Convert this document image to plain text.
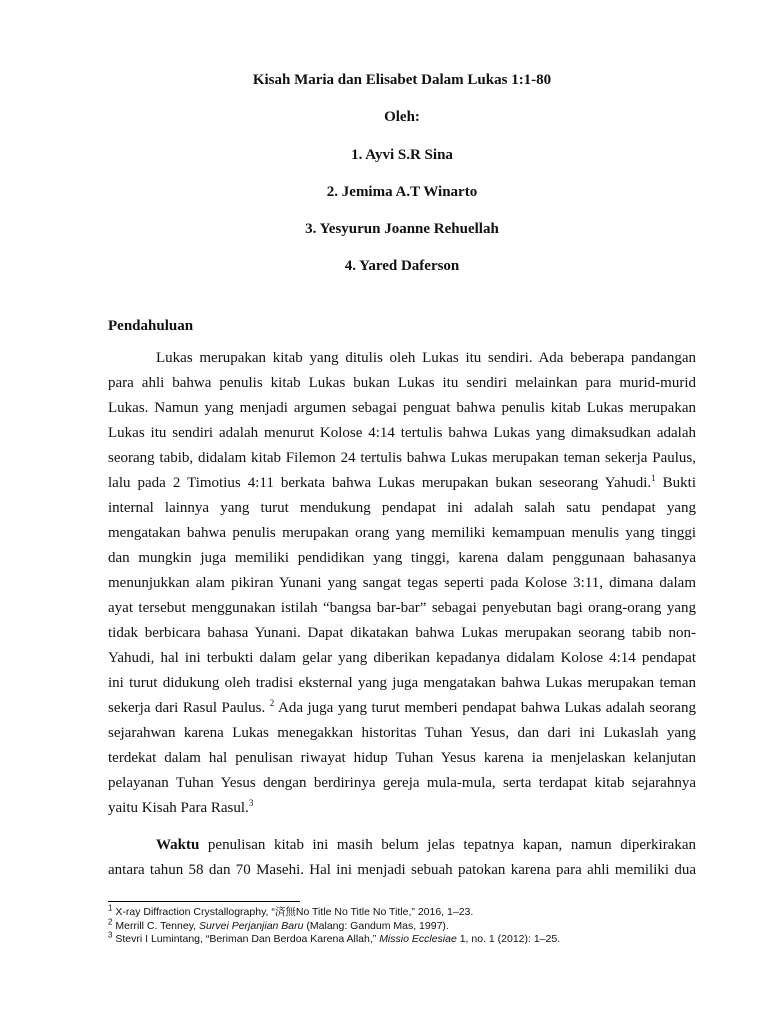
Kisah Maria dan Elisabet Dalam Lukas 1:1-80
Oleh:
1. Ayvi S.R Sina
2. Jemima A.T Winarto
3. Yesyurun Joanne Rehuellah
4. Yared Daferson
Pendahuluan
Lukas merupakan kitab yang ditulis oleh Lukas itu sendiri. Ada beberapa pandangan
para ahli bahwa penulis kitab Lukas bukan Lukas itu sendiri melainkan para murid-murid
Lukas. Namun yang menjadi argumen sebagai penguat bahwa penulis kitab Lukas merupakan
Lukas itu sendiri adalah menurut Kolose 4:14 tertulis bahwa Lukas yang dimaksudkan adalah
seorang tabib, didalam kitab Filemon 24 tertulis bahwa Lukas merupakan teman sekerja Paulus,
lalu pada 2 Timotius 4:11 berkata bahwa Lukas merupakan bukan seseorang Yahudi.$^1$ Bukti
internal lainnya yang turut mendukung pendapat ini adalah salah satu pendapat yang
mengatakan bahwa penulis merupakan orang yang memiliki kemampuan menulis yang tinggi
dan mungkin juga memiliki pendidikan yang tinggi, karena dalam penggunaan bahasanya
menunjukkan alam pikiran Yunani yang sangat tegas seperti pada Kolose 3:11, dimana dalam
ayat tersebut menggunakan istilah “bangsa bar-bar” sebagai penyebutan bagi orang-orang yang
tidak berbicara bahasa Yunani. Dapat dikatakan bahwa Lukas merupakan seorang tabib non-
Yahudi, hal ini terbukti dalam gelar yang diberikan kepadanya didalam Kolose 4:14 pendapat
ini turut didukung oleh tradisi eksternal yang juga mengatakan bahwa Lukas merupakan teman
sekerja dari Rasul Paulus. $^2$ Ada juga yang turut memberi pendapat bahwa Lukas adalah seorang
sejarahwan karena Lukas menegakkan historitas Tuhan Yesus, dan dari ini Lukaslah yang
terdekat dalam hal penulisan riwayat hidup Tuhan Yesus karena ia menjelaskan kelanjutan
pelayanan Tuhan Yesus dengan berdirinya gereja mula-mula, serta terdapat kitab sejarahnya
yaitu Kisah Para Rasul.$^3$
Waktu penulisan kitab ini masih belum jelas tepatnya kapan, namun diperkirakan
antara tahun 58 dan 70 Masehi. Hal ini menjadi sebuah patokan karena para ahli memiliki dua
$^1$ X-ray Diffraction Crystallography, “済無No Title No Title No Title,” 2016, 1–23.
$^2$ Merrill C. Tenney, Survei Perjanjian Baru (Malang: Gandum Mas, 1997).
$^3$ Stevri I Lumintang, “Beriman Dan Berdoa Karena Allah,” Missio Ecclesiae 1, no. 1 (2012): 1–25.
